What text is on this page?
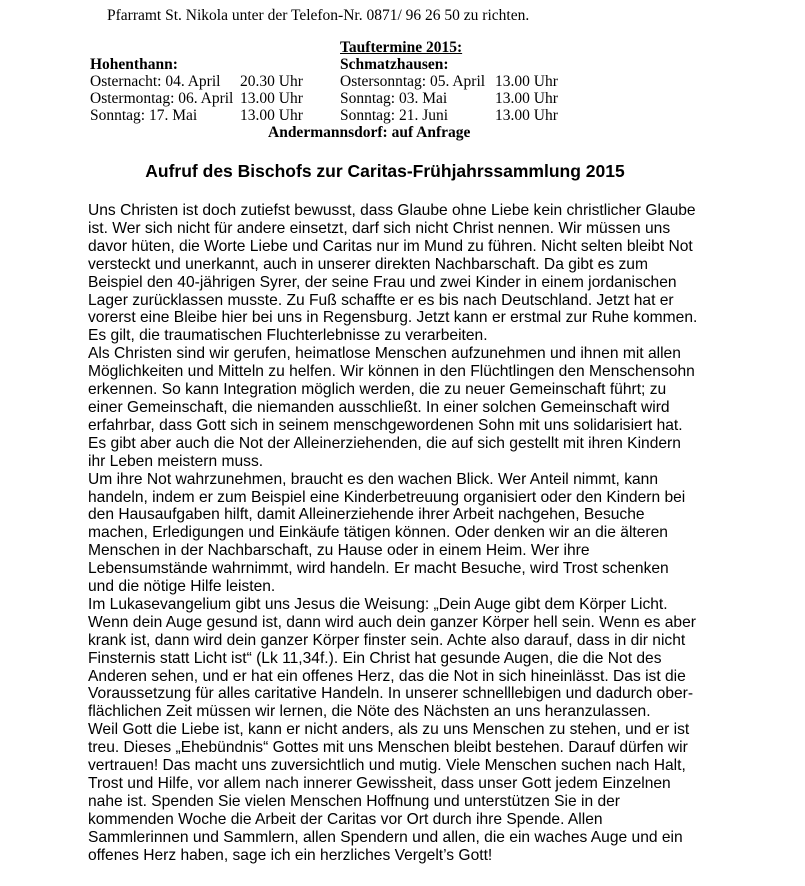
Pfarramt St. Nikola unter der Telefon-Nr. 0871/ 96 26 50 zu richten.
Tauftermine 2015:
Hohenthann:	Schmatzhausen:
Osternacht: 04. April	20.30 Uhr	Ostersonntag: 05. April 13.00 Uhr
Ostermontag: 06. April 13.00 Uhr	Sonntag: 03. Mai	13.00 Uhr
Sonntag: 17. Mai	13.00 Uhr	Sonntag: 21. Juni	13.00 Uhr
Andermannsdorf: auf Anfrage
Aufruf des Bischofs zur Caritas-Frühjahrssammlung 2015
Uns Christen ist doch zutiefst bewusst, dass Glaube ohne Liebe kein christlicher Glaube
ist. Wer sich nicht für andere einsetzt, darf sich nicht Christ nennen. Wir müssen uns
davor hüten, die Worte Liebe und Caritas nur im Mund zu führen. Nicht selten bleibt Not
versteckt und unerkannt, auch in unserer direkten Nachbarschaft. Da gibt es zum
Beispiel den 40-jährigen Syrer, der seine Frau und zwei Kinder in einem jordanischen
Lager zurücklassen musste. Zu Fuß schaffte er es bis nach Deutschland. Jetzt hat er
vorerst eine Bleibe hier bei uns in Regensburg. Jetzt kann er erstmal zur Ruhe kommen.
Es gilt, die traumatischen Fluchterlebnisse zu verarbeiten.
Als Christen sind wir gerufen, heimatlose Menschen aufzunehmen und ihnen mit allen
Möglichkeiten und Mitteln zu helfen. Wir können in den Flüchtlingen den Menschensohn
erkennen. So kann Integration möglich werden, die zu neuer Gemeinschaft führt; zu
einer Gemeinschaft, die niemanden ausschließt. In einer solchen Gemeinschaft wird
erfahrbar, dass Gott sich in seinem menschgewordenen Sohn mit uns solidarisiert hat.
Es gibt aber auch die Not der Alleinerziehenden, die auf sich gestellt mit ihren Kindern
ihr Leben meistern muss.
Um ihre Not wahrzunehmen, braucht es den wachen Blick. Wer Anteil nimmt, kann
handeln, indem er zum Beispiel eine Kinderbetreuung organisiert oder den Kindern bei
den Hausaufgaben hilft, damit Alleinerziehende ihrer Arbeit nachgehen, Besuche
machen, Erledigungen und Einkäufe tätigen können. Oder denken wir an die älteren
Menschen in der Nachbarschaft, zu Hause oder in einem Heim. Wer ihre
Lebensumstände wahrnimmt, wird handeln. Er macht Besuche, wird Trost schenken
und die nötige Hilfe leisten.
Im Lukasevangelium gibt uns Jesus die Weisung: „Dein Auge gibt dem Körper Licht.
Wenn dein Auge gesund ist, dann wird auch dein ganzer Körper hell sein. Wenn es aber
krank ist, dann wird dein ganzer Körper finster sein. Achte also darauf, dass in dir nicht
Finsternis statt Licht ist“ (Lk 11,34f.). Ein Christ hat gesunde Augen, die die Not des
Anderen sehen, und er hat ein offenes Herz, das die Not in sich hineinlässt. Das ist die
Voraussetzung für alles caritative Handeln. In unserer schnelllebigen und dadurch ober-
flächlichen Zeit müssen wir lernen, die Nöte des Nächsten an uns heranzulassen.
Weil Gott die Liebe ist, kann er nicht anders, als zu uns Menschen zu stehen, und er ist
treu. Dieses „Ehebündnis“ Gottes mit uns Menschen bleibt bestehen. Darauf dürfen wir
vertrauen! Das macht uns zuversichtlich und mutig. Viele Menschen suchen nach Halt,
Trost und Hilfe, vor allem nach innerer Gewissheit, dass unser Gott jedem Einzelnen
nahe ist. Spenden Sie vielen Menschen Hoffnung und unterstützen Sie in der
kommenden Woche die Arbeit der Caritas vor Ort durch ihre Spende. Allen
Sammlerinnen und Sammlern, allen Spendern und allen, die ein waches Auge und ein
offenes Herz haben, sage ich ein herzliches Vergelt’s Gott!
